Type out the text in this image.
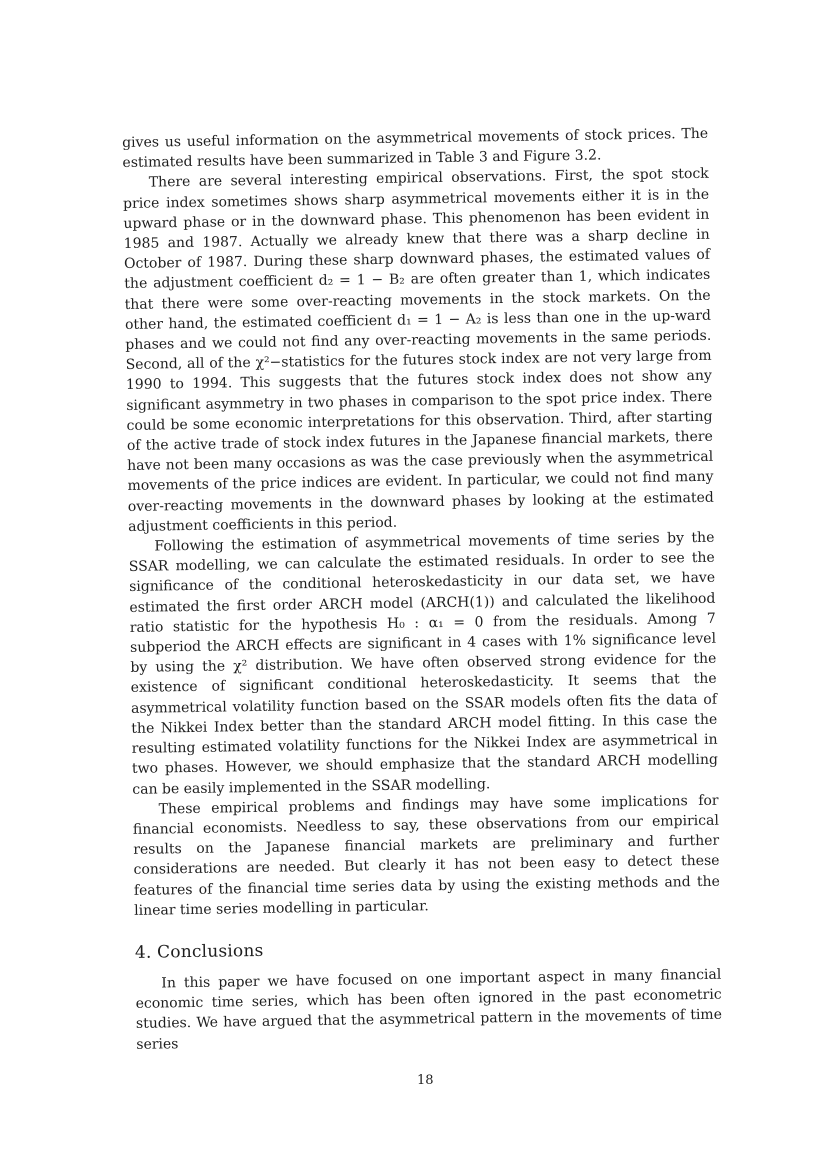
gives us useful information on the asymmetrical movements of stock prices. The estimated results have been summarized in Table 3 and Figure 3.2.

There are several interesting empirical observations. First, the spot stock price index sometimes shows sharp asymmetrical movements either it is in the upward phase or in the downward phase. This phenomenon has been evident in 1985 and 1987. Actually we already knew that there was a sharp decline in October of 1987. During these sharp downward phases, the estimated values of the adjustment coefficient d₂ = 1 − B₂ are often greater than 1, which indicates that there were some over-reacting movements in the stock markets. On the other hand, the estimated coefficient d₁ = 1 − A₂ is less than one in the up-ward phases and we could not find any over-reacting movements in the same periods. Second, all of the χ²−statistics for the futures stock index are not very large from 1990 to 1994. This suggests that the futures stock index does not show any significant asymmetry in two phases in comparison to the spot price index. There could be some economic interpretations for this observation. Third, after starting of the active trade of stock index futures in the Japanese financial markets, there have not been many occasions as was the case previously when the asymmetrical movements of the price indices are evident. In particular, we could not find many over-reacting movements in the downward phases by looking at the estimated adjustment coefficients in this period.

Following the estimation of asymmetrical movements of time series by the SSAR modelling, we can calculate the estimated residuals. In order to see the significance of the conditional heteroskedasticity in our data set, we have estimated the first order ARCH model (ARCH(1)) and calculated the likelihood ratio statistic for the hypothesis H₀ : α₁ = 0 from the residuals. Among 7 subperiod the ARCH effects are significant in 4 cases with 1% significance level by using the χ² distribution. We have often observed strong evidence for the existence of significant conditional heteroskedasticity. It seems that the asymmetrical volatility function based on the SSAR models often fits the data of the Nikkei Index better than the standard ARCH model fitting. In this case the resulting estimated volatility functions for the Nikkei Index are asymmetrical in two phases. However, we should emphasize that the standard ARCH modelling can be easily implemented in the SSAR modelling.

These empirical problems and findings may have some implications for financial economists. Needless to say, these observations from our empirical results on the Japanese financial markets are preliminary and further considerations are needed. But clearly it has not been easy to detect these features of the financial time series data by using the existing methods and the linear time series modelling in particular.

4. Conclusions

In this paper we have focused on one important aspect in many financial economic time series, which has been often ignored in the past econometric studies. We have argued that the asymmetrical pattern in the movements of time series

18
